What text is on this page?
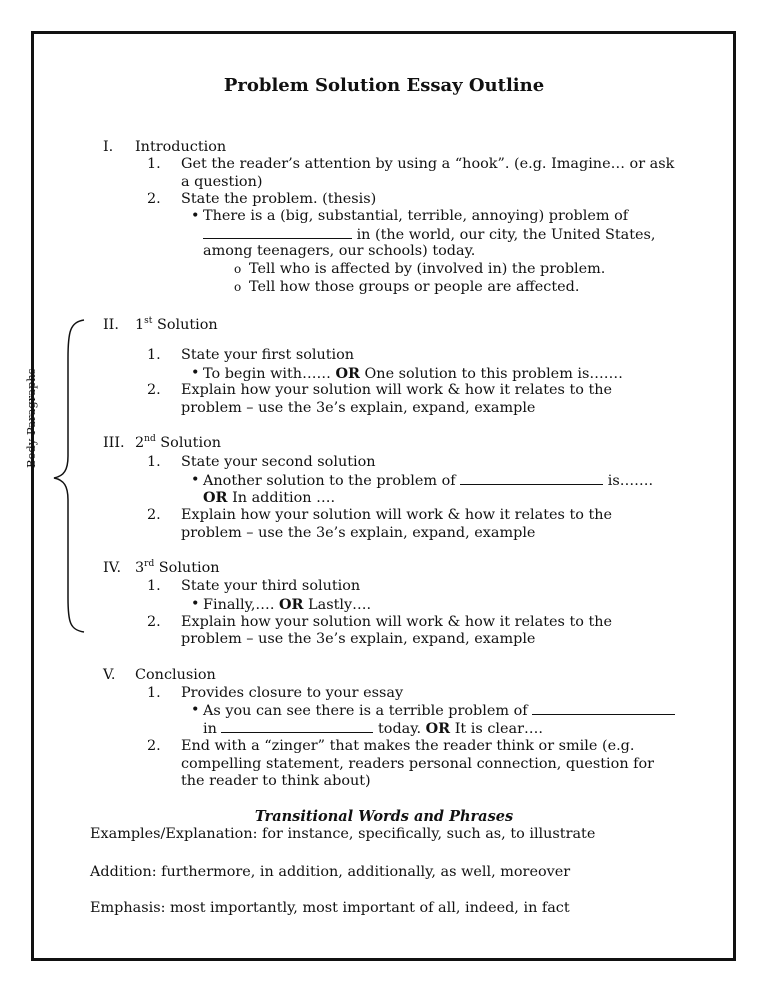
Problem Solution Essay Outline
I. Introduction
1. Get the reader’s attention by using a “hook”. (e.g. Imagine… or ask
a question)
2. State the problem. (thesis)
• There is a (big, substantial, terrible, annoying) problem of
in (the world, our city, the United States,
among teenagers, our schools) today.
o Tell who is affected by (involved in) the problem.
o Tell how those groups or people are affected.
Body Paragraphs
II. 1st Solution
1. State your first solution
• To begin with…… OR One solution to this problem is…….
2. Explain how your solution will work & how it relates to the
problem – use the 3e’s explain, expand, example
III. 2nd Solution
1. State your second solution
• Another solution to the problem of	is…….
OR In addition ….
2. Explain how your solution will work & how it relates to the
problem – use the 3e’s explain, expand, example
IV. 3rd Solution
1. State your third solution
• Finally,…. OR Lastly….
2. Explain how your solution will work & how it relates to the
problem – use the 3e’s explain, expand, example
V. Conclusion
1. Provides closure to your essay
• As you can see there is a terrible problem of
in	today. OR It is clear….
2. End with a “zinger” that makes the reader think or smile (e.g.
compelling statement, readers personal connection, question for
the reader to think about)
Transitional Words and Phrases
Examples/Explanation: for instance, specifically, such as, to illustrate
Addition: furthermore, in addition, additionally, as well, moreover
Emphasis: most importantly, most important of all, indeed, in fact
